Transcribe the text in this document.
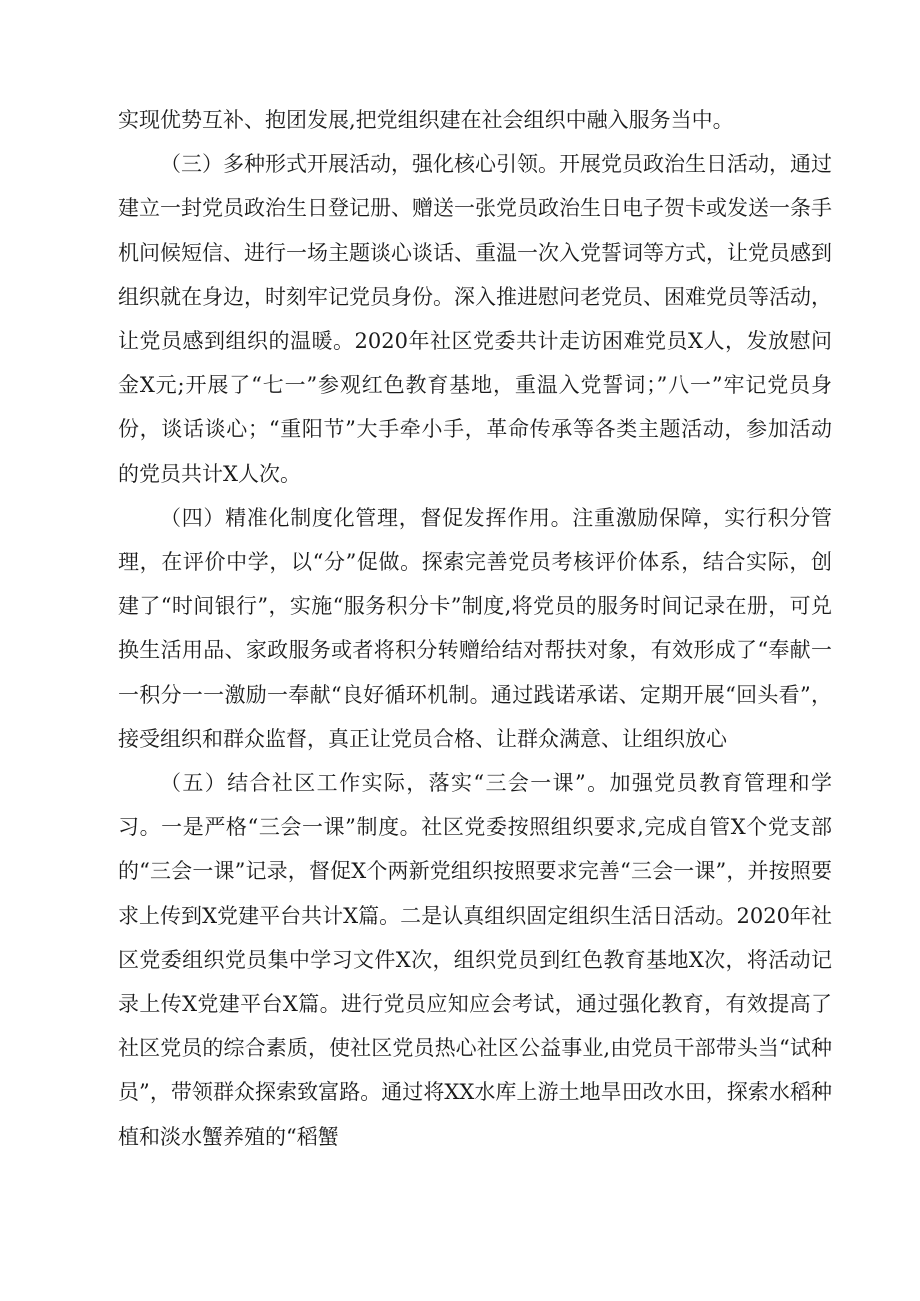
实现优势互补、抱团发展,把党组织建在社会组织中融入服务当中。

（三）多种形式开展活动，强化核心引领。开展党员政治生日活动，通过建立一封党员政治生日登记册、赠送一张党员政治生日电子贺卡或发送一条手机问候短信、进行一场主题谈心谈话、重温一次入党誓词等方式，让党员感到组织就在身边，时刻牢记党员身份。深入推进慰问老党员、困难党员等活动，让党员感到组织的温暖。2020年社区党委共计走访困难党员X人，发放慰问金X元;开展了“七一”参观红色教育基地，重温入党誓词；”八一”牢记党员身份，谈话谈心；“重阳节”大手牵小手，革命传承等各类主题活动，参加活动的党员共计X人次。

（四）精准化制度化管理，督促发挥作用。注重激励保障，实行积分管理，在评价中学，以“分”促做。探索完善党员考核评价体系，结合实际，创建了“时间银行”，实施“服务积分卡”制度,将党员的服务时间记录在册，可兑换生活用品、家政服务或者将积分转赠给结对帮扶对象，有效形成了“奉献一一积分一一激励一奉献“良好循环机制。通过践诺承诺、定期开展“回头看”，接受组织和群众监督，真正让党员合格、让群众满意、让组织放心

（五）结合社区工作实际，落实“三会一课”。加强党员教育管理和学习。一是严格“三会一课”制度。社区党委按照组织要求,完成自管X个党支部的“三会一课”记录，督促X个两新党组织按照要求完善“三会一课”，并按照要求上传到X党建平台共计X篇。二是认真组织固定组织生活日活动。2020年社区党委组织党员集中学习文件X次，组织党员到红色教育基地X次，将活动记录上传X党建平台X篇。进行党员应知应会考试，通过强化教育，有效提高了社区党员的综合素质，使社区党员热心社区公益事业,由党员干部带头当“试种员”，带领群众探索致富路。通过将XX水库上游土地旱田改水田，探索水稻种植和淡水蟹养殖的“稻蟹
